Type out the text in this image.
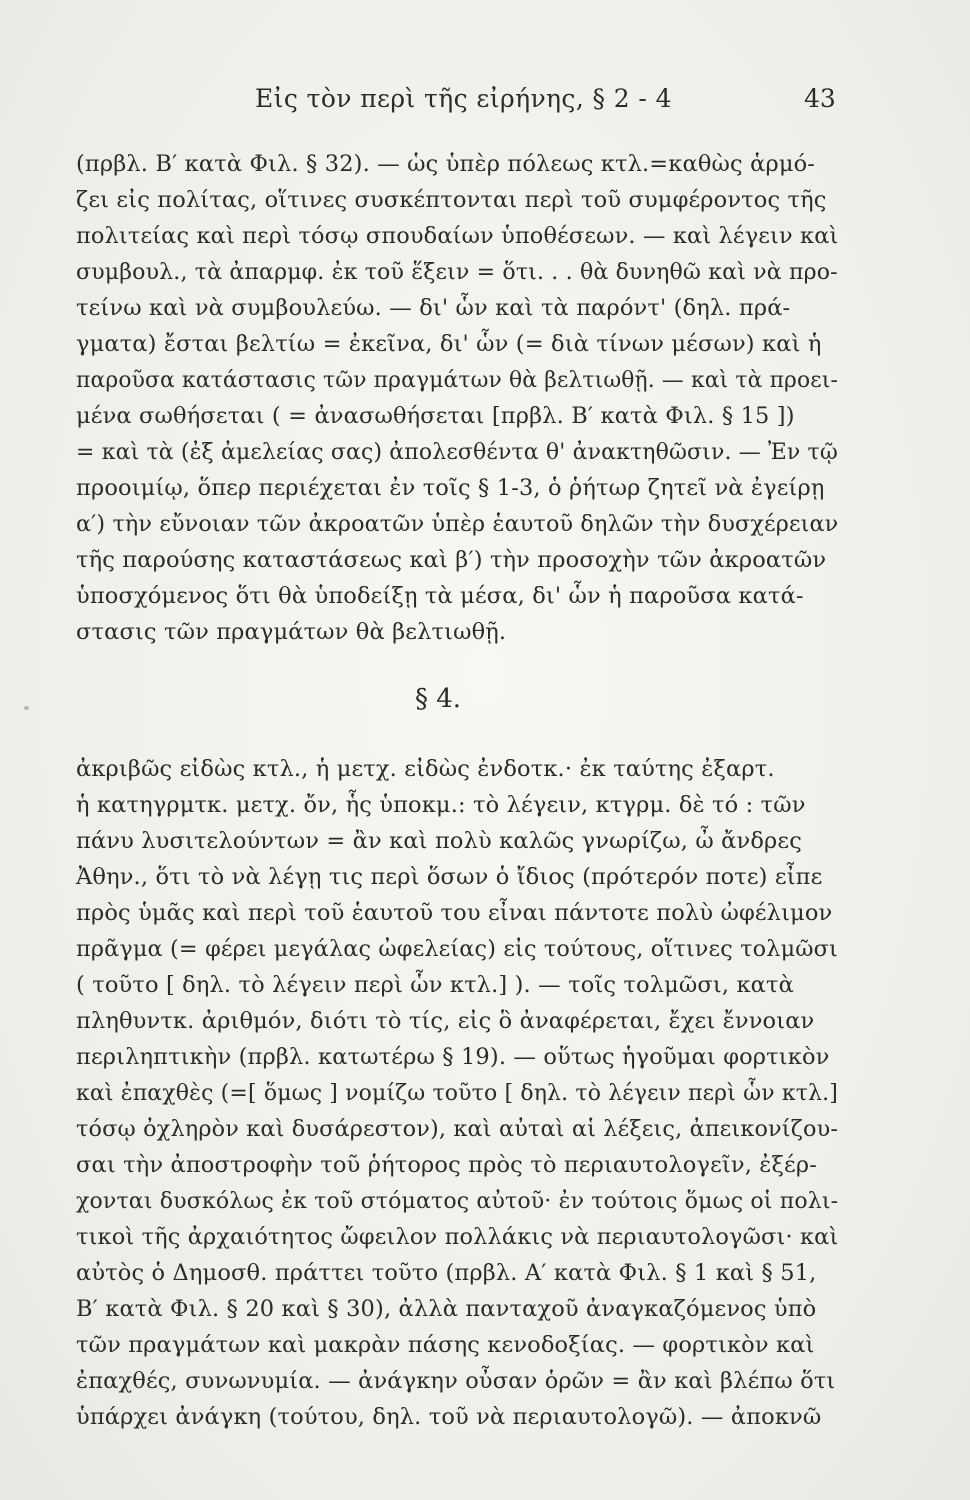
Εἰς τὸν περὶ τῆς εἰρήνης, § 2 - 4	43
(πρβλ. Β′ κατὰ Φιλ. § 32). — ὡς ὑπὲρ πόλεως κτλ.=καθὼς ἁρμό-
ζει εἰς πολίτας, οἵτινες συσκέπτονται περὶ τοῦ συμφέροντος τῆς
πολιτείας καὶ περὶ τόσῳ σπουδαίων ὑποθέσεων. — καὶ λέγειν καὶ
συμβουλ., τὰ ἀπαρμφ. ἐκ τοῦ ἕξειν = ὅτι. . . θὰ δυνηθῶ καὶ νὰ προ-
τείνω καὶ νὰ συμβουλεύω. — δι' ὧν καὶ τὰ παρόντ' (δηλ. πρά-
γματα) ἔσται βελτίω = ἐκεῖνα, δι' ὧν (= διὰ τίνων μέσων) καὶ ἡ
παροῦσα κατάστασις τῶν πραγμάτων θὰ βελτιωθῇ. — καὶ τὰ προει-
μένα σωθήσεται ( = ἀνασωθήσεται [πρβλ. Β′ κατὰ Φιλ. § 15 ])
= καὶ τὰ (ἐξ ἀμελείας σας) ἀπολεσθέντα θ' ἀνακτηθῶσιν. — Ἐν τῷ
προοιμίῳ, ὅπερ περιέχεται ἐν τοῖς § 1-3, ὁ ῥήτωρ ζητεῖ νὰ ἐγείρῃ
α′) τὴν εὔνοιαν τῶν ἀκροατῶν ὑπὲρ ἑαυτοῦ δηλῶν τὴν δυσχέρειαν
τῆς παρούσης καταστάσεως καὶ β′) τὴν προσοχὴν τῶν ἀκροατῶν
ὑποσχόμενος ὅτι θὰ ὑποδείξῃ τὰ μέσα, δι' ὧν ἡ παροῦσα κατά-
στασις τῶν πραγμάτων θὰ βελτιωθῇ.
§ 4.
ἀκριβῶς εἰδὼς κτλ., ἡ μετχ. εἰδὼς ἐνδοτκ.· ἐκ ταύτης ἐξαρτ.
ἡ κατηγρμτκ. μετχ. ὄν, ἧς ὑποκμ.: τὸ λέγειν, κτγρμ. δὲ τό : τῶν
πάνυ λυσιτελούντων = ἂν καὶ πολὺ καλῶς γνωρίζω, ὦ ἄνδρες
Ἀθην., ὅτι τὸ νὰ λέγῃ τις περὶ ὅσων ὁ ἴδιος (πρότερόν ποτε) εἶπε
πρὸς ὑμᾶς καὶ περὶ τοῦ ἑαυτοῦ του εἶναι πάντοτε πολὺ ὠφέλιμον
πρᾶγμα (= φέρει μεγάλας ὠφελείας) εἰς τούτους, οἵτινες τολμῶσι
( τοῦτο [ δηλ. τὸ λέγειν περὶ ὧν κτλ.] ). — τοῖς τολμῶσι, κατὰ
πληθυντκ. ἀριθμόν, διότι τὸ τίς, εἰς ὃ ἀναφέρεται, ἔχει ἔννοιαν
περιληπτικὴν (πρβλ. κατωτέρω § 19). — οὕτως ἡγοῦμαι φορτικὸν
καὶ ἐπαχθὲς (=[ ὅμως ] νομίζω τοῦτο [ δηλ. τὸ λέγειν περὶ ὧν κτλ.]
τόσῳ ὀχληρὸν καὶ δυσάρεστον), καὶ αὐταὶ αἱ λέξεις, ἀπεικονίζου-
σαι τὴν ἀποστροφὴν τοῦ ῥήτορος πρὸς τὸ περιαυτολογεῖν, ἐξέρ-
χονται δυσκόλως ἐκ τοῦ στόματος αὐτοῦ· ἐν τούτοις ὅμως οἱ πολι-
τικοὶ τῆς ἀρχαιότητος ὤφειλον πολλάκις νὰ περιαυτολογῶσι· καὶ
αὐτὸς ὁ Δημοσθ. πράττει τοῦτο (πρβλ. Α′ κατὰ Φιλ. § 1 καὶ § 51,
Β′ κατὰ Φιλ. § 20 καὶ § 30), ἀλλὰ πανταχοῦ ἀναγκαζόμενος ὑπὸ
τῶν πραγμάτων καὶ μακρὰν πάσης κενοδοξίας. — φορτικὸν καὶ
ἐπαχθές, συνωνυμία. — ἀνάγκην οὖσαν ὁρῶν = ἂν καὶ βλέπω ὅτι
ὑπάρχει ἀνάγκη (τούτου, δηλ. τοῦ νὰ περιαυτολογῶ). — ἀποκνῶ
